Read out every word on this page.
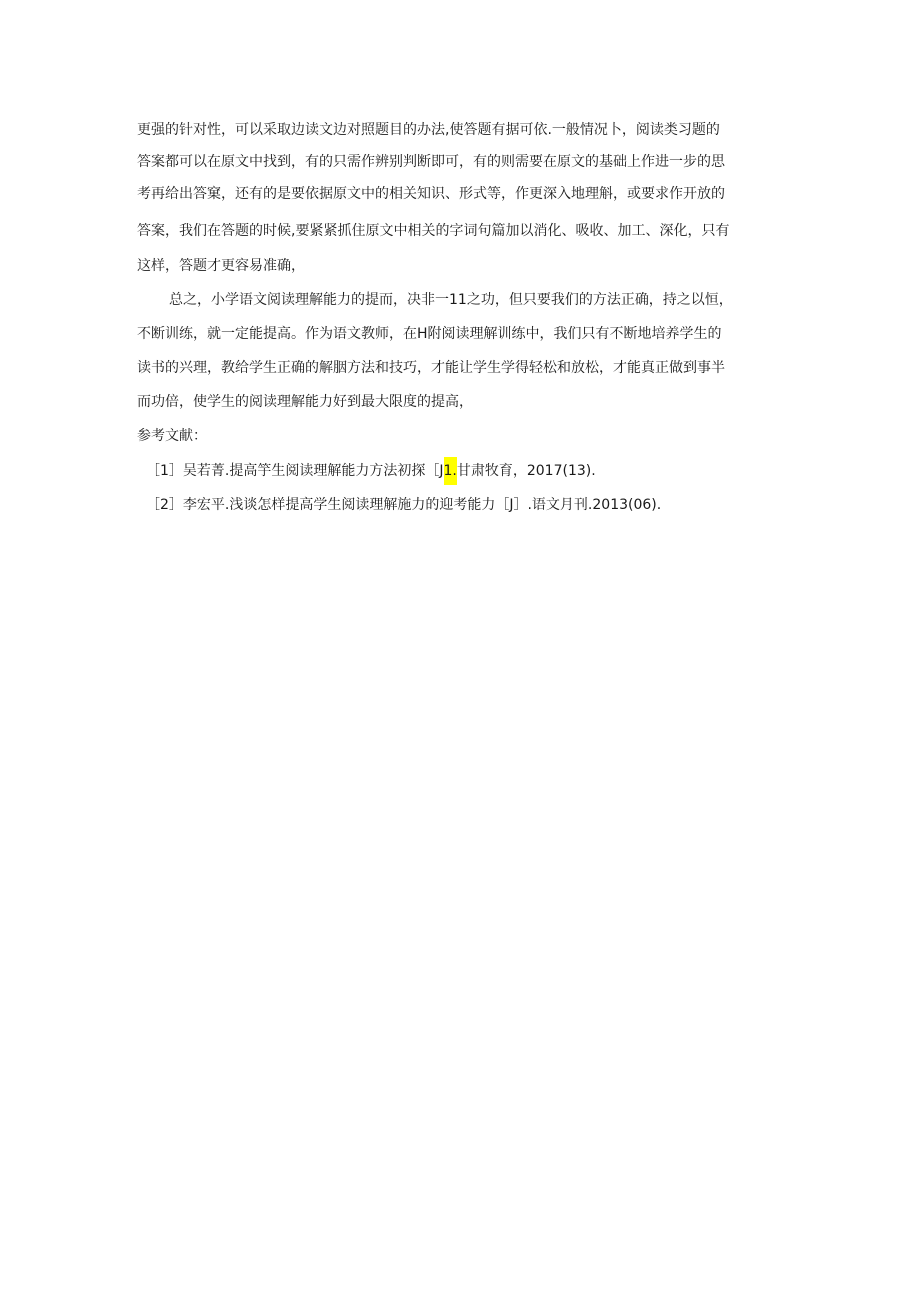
更强的针对性，可以采取边读文边对照题目的办法,使答题有据可依.一般情况卜，阅读类习题的
答案都可以在原文中找到，有的只需作辨别判断即可，有的则需要在原文的基础上作进一步的思
考再给出答窠，还有的是要依据原文中的相关知识、形式等，作更深入地理斛，或要求作开放的
答案，我们在答题的时候,要紧紧抓住原文中相关的字词句篇加以消化、吸收、加工、深化，只有
这样，答题才更容易准确，
总之，小学语文阅读理解能力的提而，决非一11之功，但只要我们的方法正确，持之以恒，
不断训练，就一定能提高。作为语文教师，在H附阅读理解训练中，我们只有不断地培养学生的
读书的兴理，教给学生正确的解胭方法和技巧，才能让学生学得轻松和放松，才能真正做到事半
而功倍，使学生的阅读理解能力好到最大限度的提高，
参考文献：
［1］吴若菁.提高竽生阅读理解能力方法初探［J1.甘肃牧育，2017(13).
［2］李宏平.浅谈怎样提高学生阅读理解施力的迎考能力［J］.语文月刊.2013(06).
